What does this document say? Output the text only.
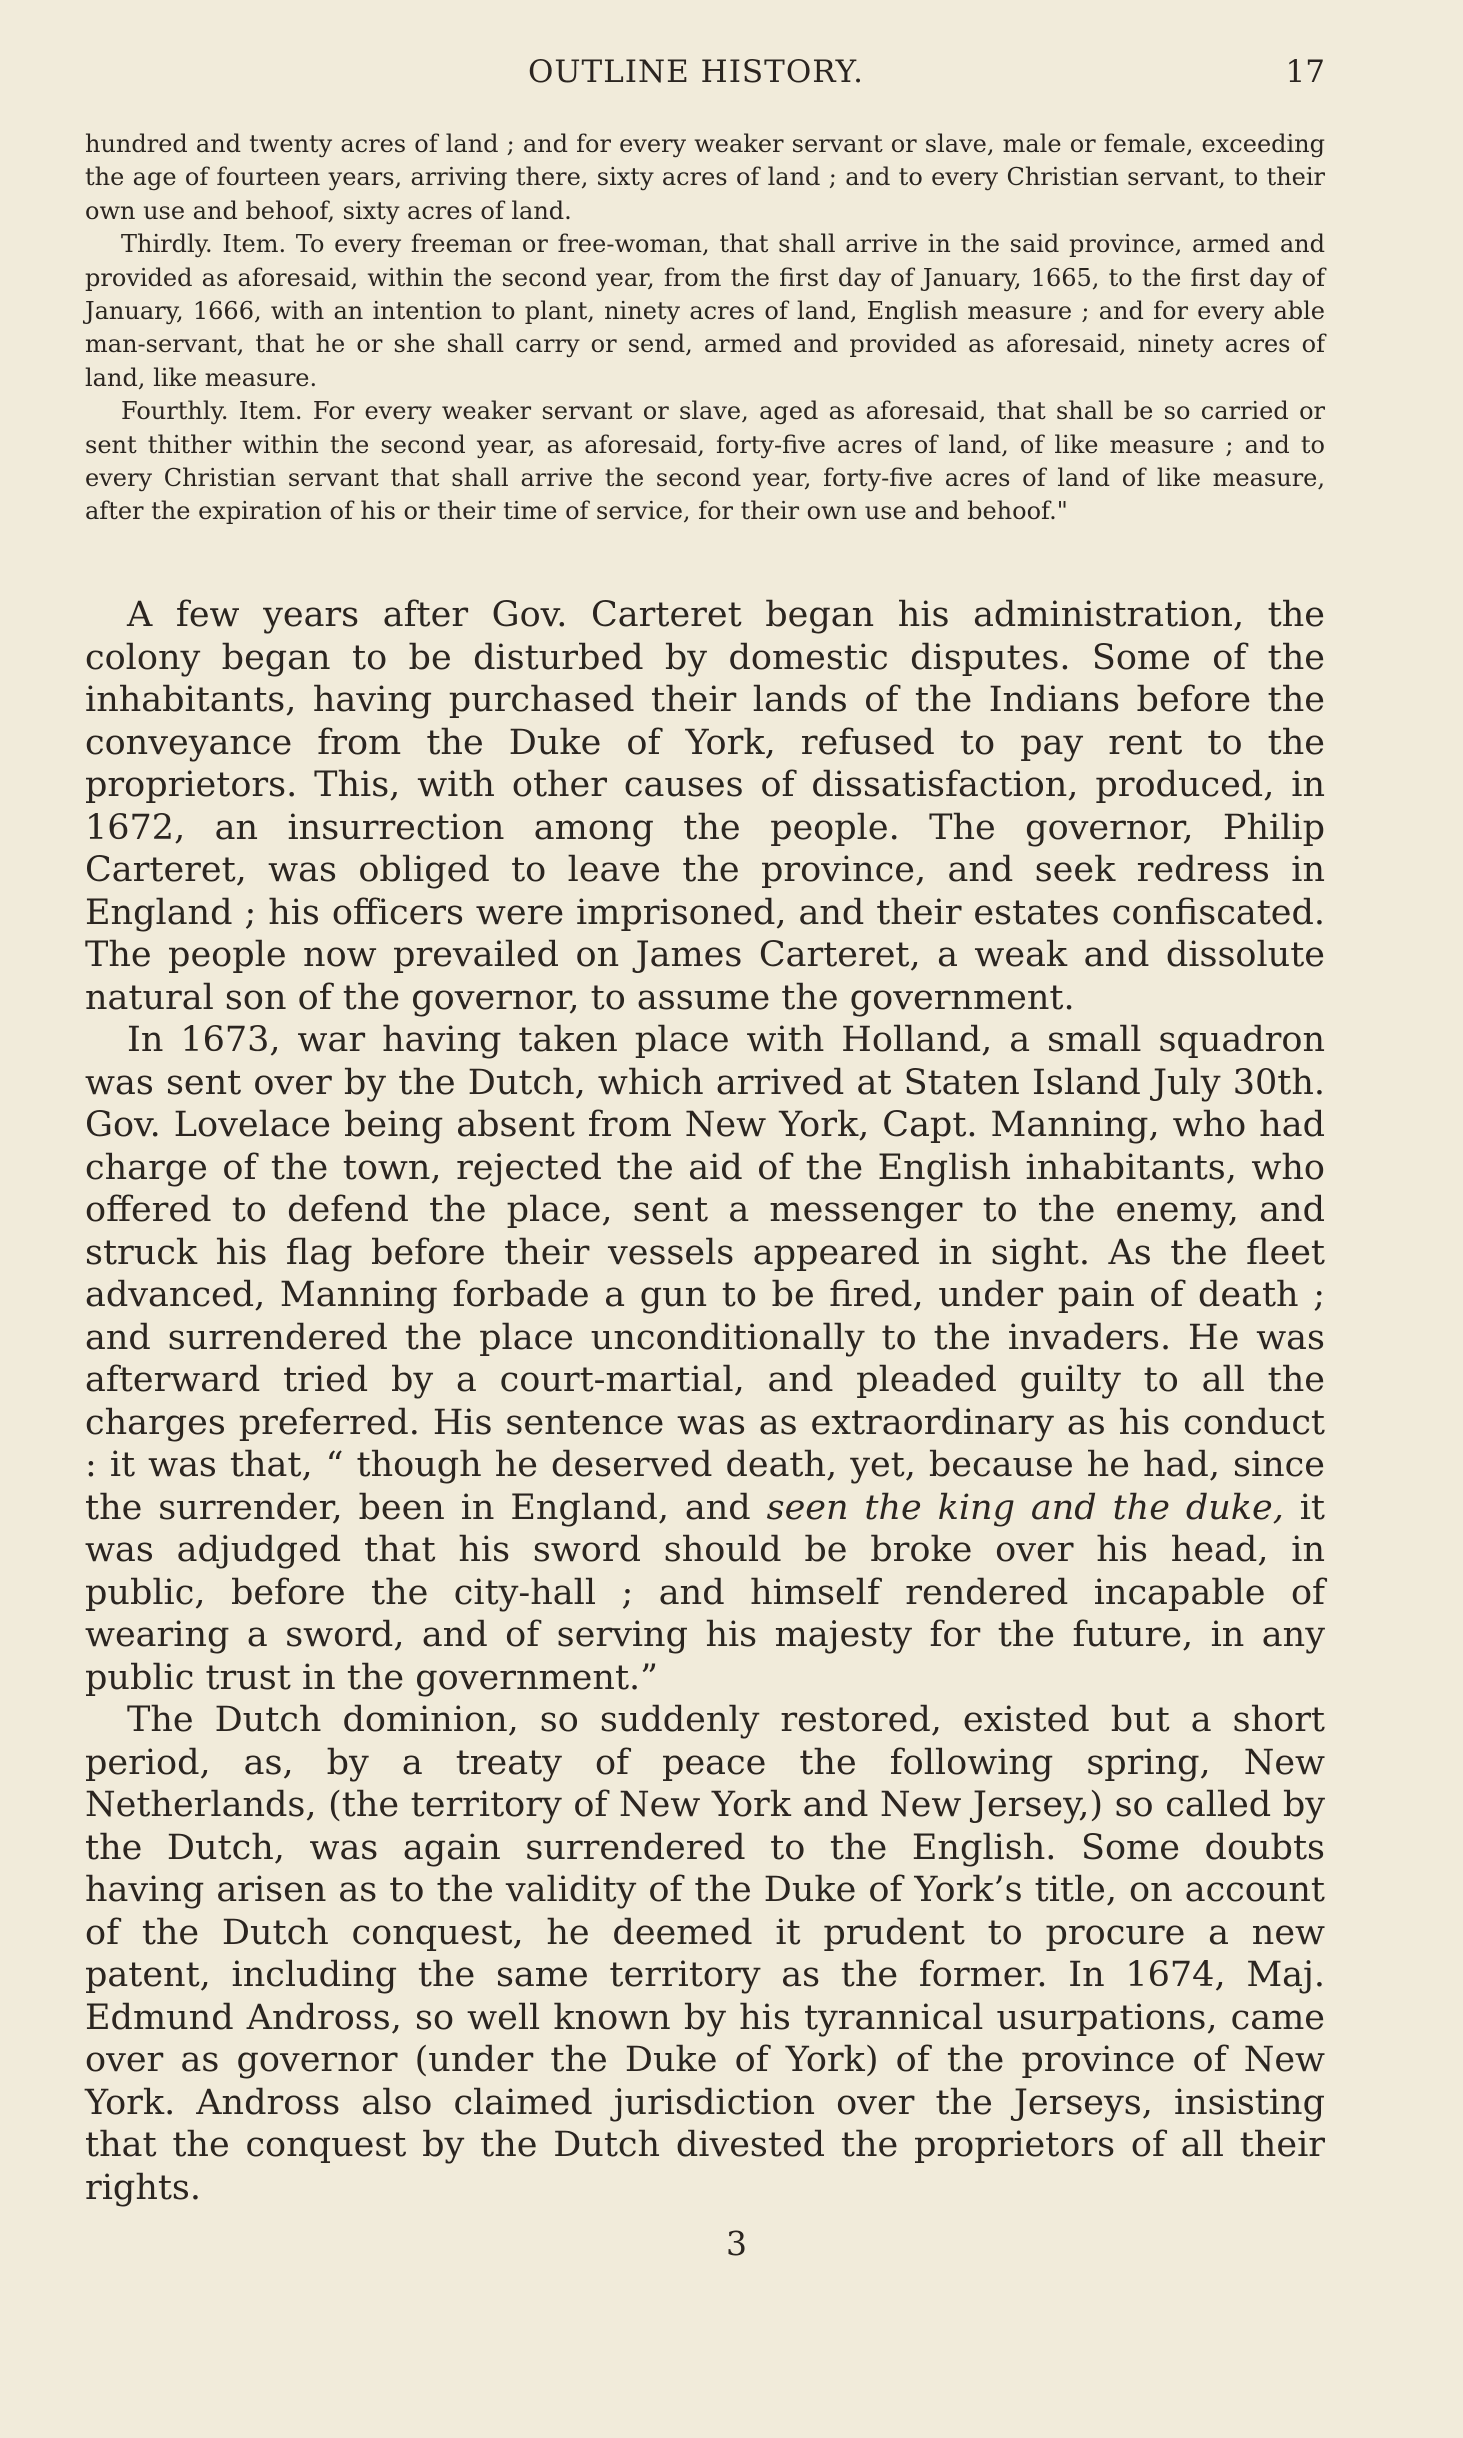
OUTLINE HISTORY.	17

hundred and twenty acres of land ; and for every weaker servant or slave, male or female, exceeding the age of fourteen years, arriving there, sixty acres of land ; and to every Christian servant, to their own use and behoof, sixty acres of land.

Thirdly. Item. To every freeman or free-woman, that shall arrive in the said province, armed and provided as aforesaid, within the second year, from the first day of January, 1665, to the first day of January, 1666, with an intention to plant, ninety acres of land, English measure ; and for every able man-servant, that he or she shall carry or send, armed and provided as aforesaid, ninety acres of land, like measure.

Fourthly. Item. For every weaker servant or slave, aged as aforesaid, that shall be so carried or sent thither within the second year, as aforesaid, forty-five acres of land, of like measure ; and to every Christian servant that shall arrive the second year, forty-five acres of land of like measure, after the expiration of his or their time of service, for their own use and behoof."

A few years after Gov. Carteret began his administration, the colony began to be disturbed by domestic disputes. Some of the inhabitants, having purchased their lands of the Indians before the conveyance from the Duke of York, refused to pay rent to the proprietors. This, with other causes of dissatisfaction, produced, in 1672, an insurrection among the people. The governor, Philip Carteret, was obliged to leave the province, and seek redress in England ; his officers were imprisoned, and their estates confiscated. The people now prevailed on James Carteret, a weak and dissolute natural son of the governor, to assume the government.

In 1673, war having taken place with Holland, a small squadron was sent over by the Dutch, which arrived at Staten Island July 30th. Gov. Lovelace being absent from New York, Capt. Manning, who had charge of the town, rejected the aid of the English inhabitants, who offered to defend the place, sent a messenger to the enemy, and struck his flag before their vessels appeared in sight. As the fleet advanced, Manning forbade a gun to be fired, under pain of death ; and surrendered the place unconditionally to the invaders. He was afterward tried by a court-martial, and pleaded guilty to all the charges preferred. His sentence was as extraordinary as his conduct : it was that, “ though he deserved death, yet, because he had, since the surrender, been in England, and seen the king and the duke, it was adjudged that his sword should be broke over his head, in public, before the city-hall ; and himself rendered incapable of wearing a sword, and of serving his majesty for the future, in any public trust in the government.”

The Dutch dominion, so suddenly restored, existed but a short period, as, by a treaty of peace the following spring, New Netherlands, (the territory of New York and New Jersey,) so called by the Dutch, was again surrendered to the English. Some doubts having arisen as to the validity of the Duke of York’s title, on account of the Dutch conquest, he deemed it prudent to procure a new patent, including the same territory as the former. In 1674, Maj. Edmund Andross, so well known by his tyrannical usurpations, came over as governor (under the Duke of York) of the province of New York. Andross also claimed jurisdiction over the Jerseys, insisting that the conquest by the Dutch divested the proprietors of all their rights.

3
